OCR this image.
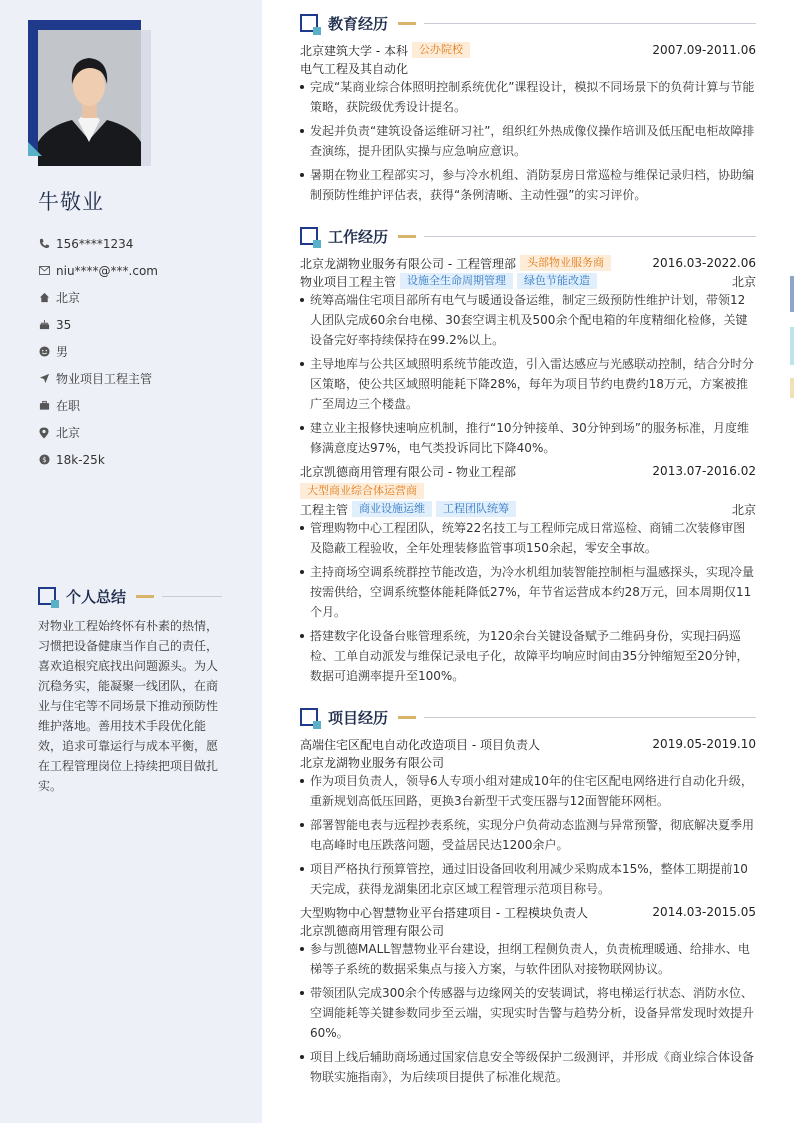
牛敬业
156****1234
niu****@***.com
北京
35
男
物业项目工程主管
在职
北京
$ 18k-25k
个人总结
对物业工程始终怀有朴素的热情，习惯把设备健康当作自己的责任，喜欢追根究底找出问题源头。为人沉稳务实，能凝聚一线团队，在商业与住宅等不同场景下推动预防性维护落地。善用技术手段优化能效，追求可靠运行与成本平衡，愿在工程管理岗位上持续把项目做扎实。
教育经历
北京建筑大学 - 本科	公办院校	2007.09-2011.06
电气工程及其自动化
完成“某商业综合体照明控制系统优化”课程设计，模拟不同场景下的负荷计算与节能策略，获院级优秀设计提名。
发起并负责“建筑设备运维研习社”，组织红外热成像仪操作培训及低压配电柜故障排查演练，提升团队实操与应急响应意识。
暑期在物业工程部实习，参与冷水机组、消防泵房日常巡检与维保记录归档，协助编制预防性维护评估表，获得“条例清晰、主动性强”的实习评价。
工作经历
北京龙湖物业服务有限公司 - 工程管理部	头部物业服务商	2016.03-2022.06
物业项目工程主管	设施全生命周期管理	绿色节能改造	北京
统筹高端住宅项目部所有电气与暖通设备运维，制定三级预防性维护计划，带领12人团队完成60余台电梯、30套空调主机及500余个配电箱的年度精细化检修，关键设备完好率持续保持在99.2%以上。
主导地库与公共区域照明系统节能改造，引入雷达感应与光感联动控制，结合分时分区策略，使公共区域照明能耗下降28%，每年为项目节约电费约18万元，方案被推广至周边三个楼盘。
建立业主报修快速响应机制，推行“10分钟接单、30分钟到场”的服务标准，月度维修满意度达97%，电气类投诉同比下降40%。
北京凯德商用管理有限公司 - 物业工程部	2013.07-2016.02
大型商业综合体运营商
工程主管	商业设施运维	工程团队统筹	北京
管理购物中心工程团队，统筹22名技工与工程师完成日常巡检、商铺二次装修审图及隐蔽工程验收，全年处理装修监管事项150余起，零安全事故。
主持商场空调系统群控节能改造，为冷水机组加装智能控制柜与温感探头，实现冷量按需供给，空调系统整体能耗降低27%，年节省运营成本约28万元，回本周期仅11个月。
搭建数字化设备台账管理系统，为120余台关键设备赋予二维码身份，实现扫码巡检、工单自动派发与维保记录电子化，故障平均响应时间由35分钟缩短至20分钟，数据可追溯率提升至100%。
项目经历
高端住宅区配电自动化改造项目 - 项目负责人	2019.05-2019.10
北京龙湖物业服务有限公司
作为项目负责人，领导6人专项小组对建成10年的住宅区配电网络进行自动化升级，重新规划高低压回路，更换3台新型干式变压器与12面智能环网柜。
部署智能电表与远程抄表系统，实现分户负荷动态监测与异常预警，彻底解决夏季用电高峰时电压跌落问题，受益居民达1200余户。
项目严格执行预算管控，通过旧设备回收利用减少采购成本15%，整体工期提前10天完成，获得龙湖集团北京区域工程管理示范项目称号。
大型购物中心智慧物业平台搭建项目 - 工程模块负责人	2014.03-2015.05
北京凯德商用管理有限公司
参与凯德MALL智慧物业平台建设，担纲工程侧负责人，负责梳理暖通、给排水、电梯等子系统的数据采集点与接入方案，与软件团队对接物联网协议。
带领团队完成300余个传感器与边缘网关的安装调试，将电梯运行状态、消防水位、空调能耗等关键参数同步至云端，实现实时告警与趋势分析，设备异常发现时效提升60%。
项目上线后辅助商场通过国家信息安全等级保护二级测评，并形成《商业综合体设备物联实施指南》，为后续项目提供了标准化规范。
